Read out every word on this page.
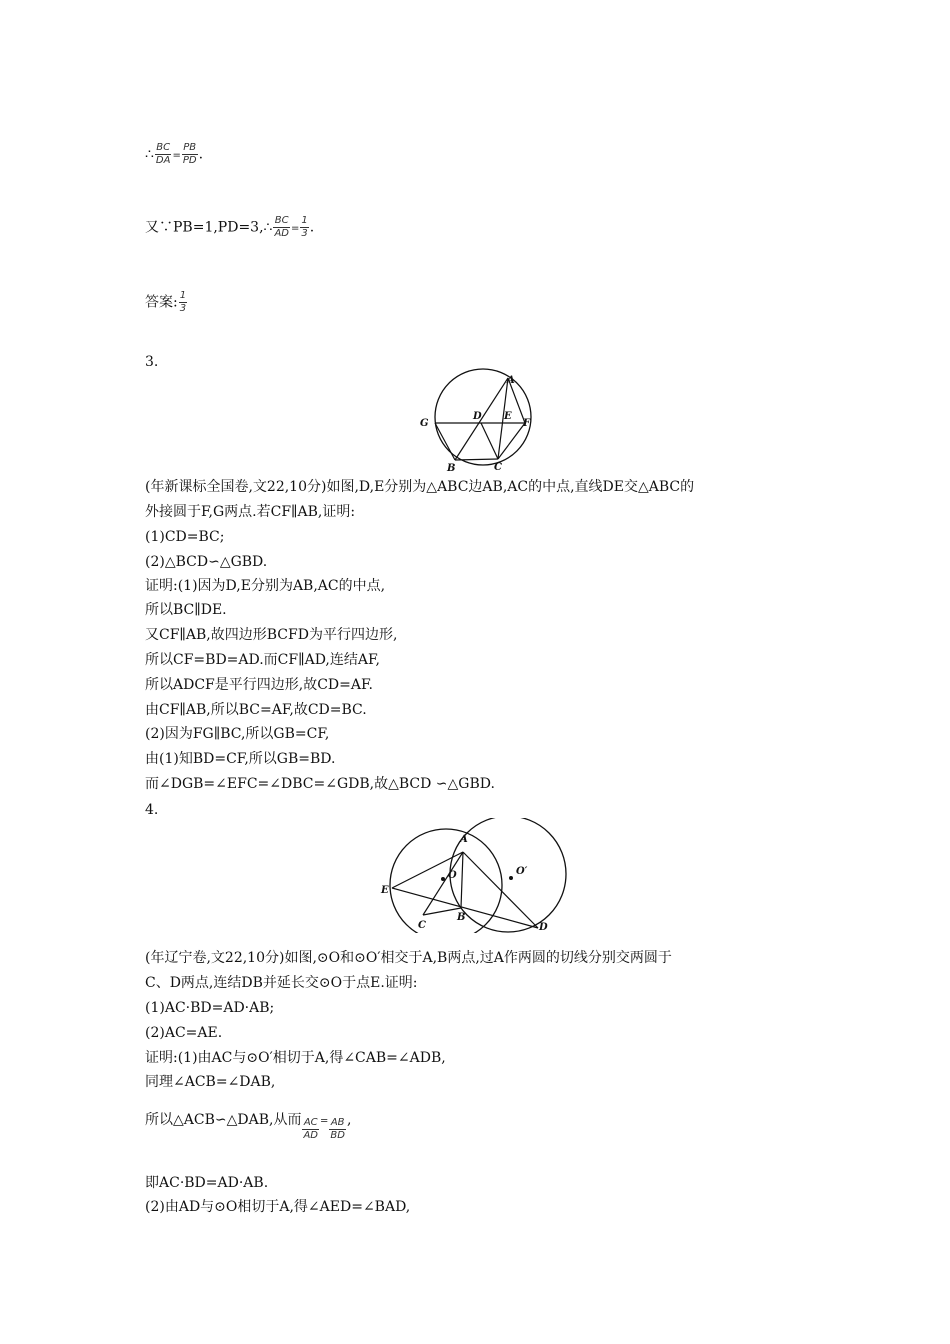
∴ $\frac{BC}{DA} = \frac{PB}{PD}$ .
又∵PB=1,PD=3,∴ $\frac{BC}{AD} = \frac{1}{3}$ .
答案: $\frac{1}{3}$
3.
A
D E
F
G
B	C
(年新课标全国卷,文22,10分)如图,D,E分别为△ABC边AB,AC的中点,直线DE交△ABC的
外接圆于F,G两点.若CF∥AB,证明:
(1)CD=BC;
(2)△BCD∽△GBD.
证明:(1)因为D,E分别为AB,AC的中点,
所以BC∥DE.
又CF∥AB,故四边形BCFD为平行四边形,
所以CF=BD=AD.而CF∥AD,连结AF,
所以ADCF是平行四边形,故CD=AF.
由CF∥AB,所以BC=AF,故CD=BC.
(2)因为FG∥BC,所以GB=CF,
由(1)知BD=CF,所以GB=BD.
而∠DGB=∠EFC=∠DBC=∠GDB,故△BCD ∽△GBD.
4.
A
O	O′
E
B
C	D
(年辽宁卷,文22,10分)如图,⊙O和⊙O′相交于A,B两点,过A作两圆的切线分别交两圆于
C、D两点,连结DB并延长交⊙O于点E.证明:
(1)AC·BD=AD·AB;
(2)AC=AE.
证明:(1)由AC与⊙O′相切于A,得∠CAB=∠ADB,
同理∠ACB=∠DAB,
所以△ACB∽△DAB,从而 $\frac{AC}{AD} = \frac{AB}{BD}$ ,
即AC·BD=AD·AB.
(2)由AD与⊙O相切于A,得∠AED=∠BAD,
